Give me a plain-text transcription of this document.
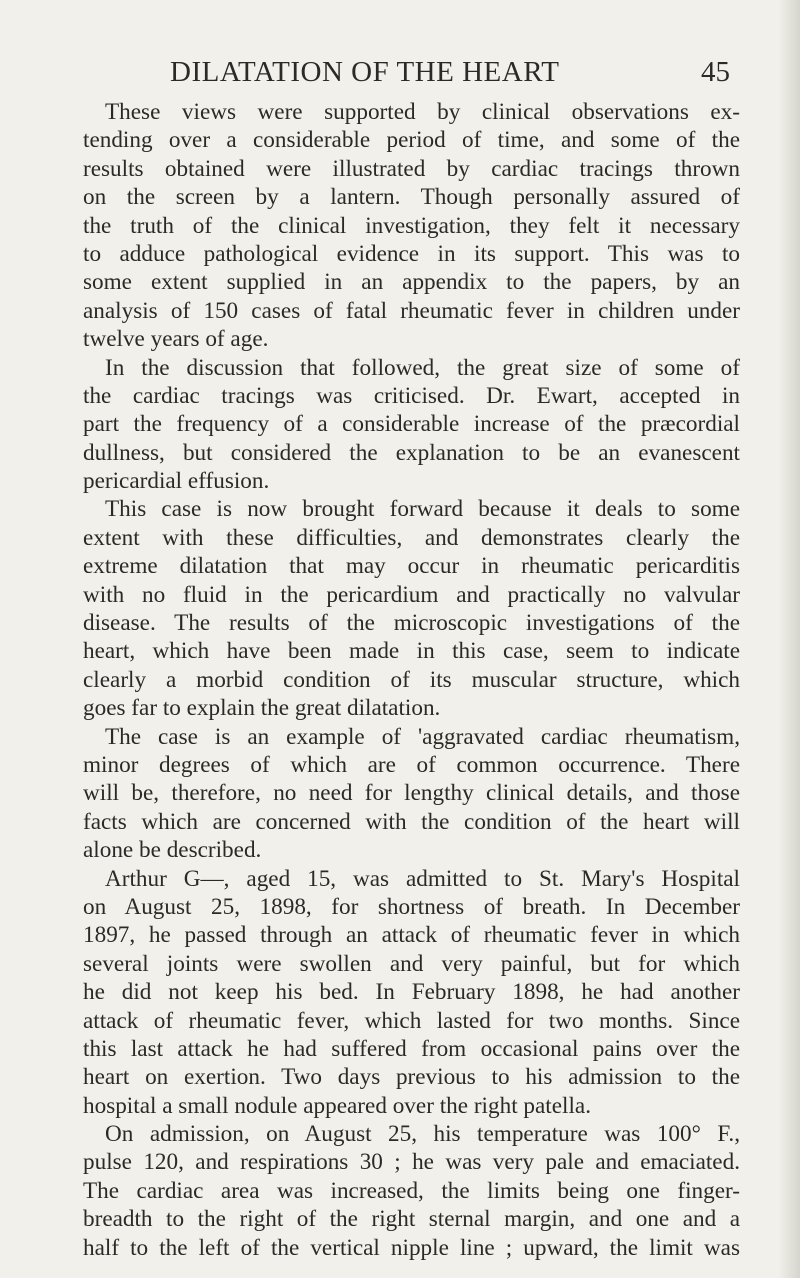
DILATATION OF THE HEART	45
These views were supported by clinical observations ex-
tending over a considerable period of time, and some of the
results obtained were illustrated by cardiac tracings thrown
on the screen by a lantern. Though personally assured of
the truth of the clinical investigation, they felt it necessary
to adduce pathological evidence in its support. This was to
some extent supplied in an appendix to the papers, by an
analysis of 150 cases of fatal rheumatic fever in children under
twelve years of age.
In the discussion that followed, the great size of some of
the cardiac tracings was criticised. Dr. Ewart, accepted in
part the frequency of a considerable increase of the præcordial
dullness, but considered the explanation to be an evanescent
pericardial effusion.
This case is now brought forward because it deals to some
extent with these difficulties, and demonstrates clearly the
extreme dilatation that may occur in rheumatic pericarditis
with no fluid in the pericardium and practically no valvular
disease. The results of the microscopic investigations of the
heart, which have been made in this case, seem to indicate
clearly a morbid condition of its muscular structure, which
goes far to explain the great dilatation.
The case is an example of 'aggravated cardiac rheumatism,
minor degrees of which are of common occurrence. There
will be, therefore, no need for lengthy clinical details, and those
facts which are concerned with the condition of the heart will
alone be described.
Arthur G—, aged 15, was admitted to St. Mary's Hospital
on August 25, 1898, for shortness of breath. In December
1897, he passed through an attack of rheumatic fever in which
several joints were swollen and very painful, but for which
he did not keep his bed. In February 1898, he had another
attack of rheumatic fever, which lasted for two months. Since
this last attack he had suffered from occasional pains over the
heart on exertion. Two days previous to his admission to the
hospital a small nodule appeared over the right patella.
On admission, on August 25, his temperature was 100° F.,
pulse 120, and respirations 30 ; he was very pale and emaciated.
The cardiac area was increased, the limits being one finger-
breadth to the right of the right sternal margin, and one and a
half to the left of the vertical nipple line ; upward, the limit was
